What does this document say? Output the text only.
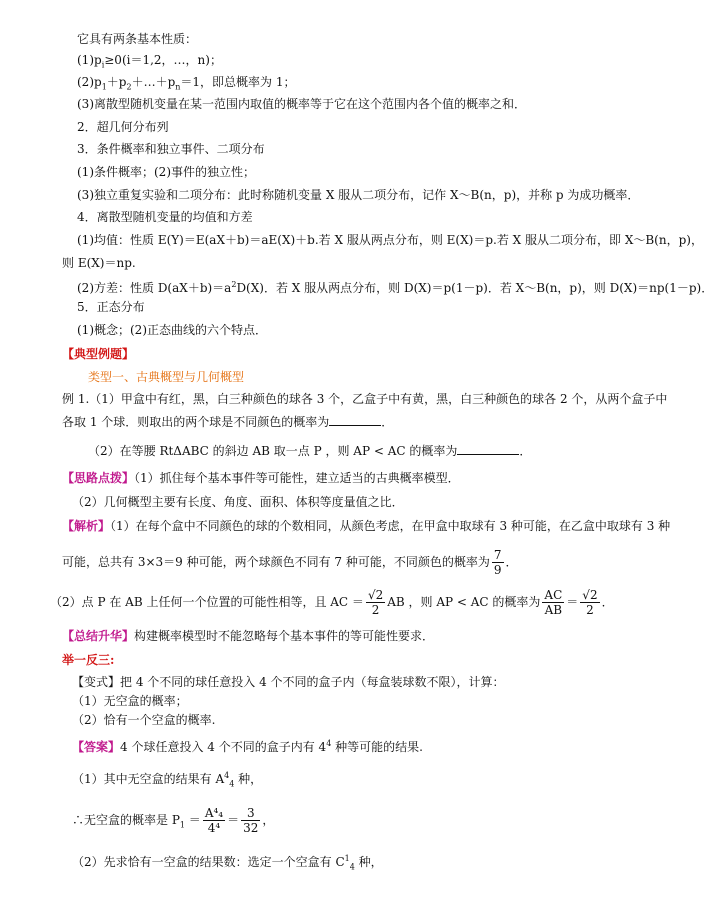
它具有两条基本性质：
$(1)p_i\ge 0(i=1,2$，…，n)；
$(2)p_1+p_2+\dots+p_n=1$，即总概率为 1；
(3)离散型随机变量在某一范围内取值的概率等于它在这个范围内各个值的概率之和．
2．超几何分布列
3．条件概率和独立事件、二项分布
(1)条件概率；(2)事件的独立性；
(3)独立重复实验和二项分布：此时称随机变量 X 服从二项分布，记作 X～B(n，p)，并称 p 为成功概率．
4．离散型随机变量的均值和方差
(1)均值：性质 E(Y)＝E(aX＋b)＝aE(X)＋b.若 X 服从两点分布，则 E(X)＝p.若 X 服从二项分布，即 X～B(n，p)，
则 E(X)＝np.
(2)方差：性质 $D(aX+b)=a^2D(X)$．若 X 服从两点分布，则 D(X)＝p(1－p)．若 X～B(n，p)，则 D(X)＝np(1－p)．
5．正态分布
(1)概念；(2)正态曲线的六个特点．
【典型例题】
类型一、古典概型与几何概型
例 1.（1）甲盒中有红，黑，白三种颜色的球各 3 个，乙盒子中有黄，黑，白三种颜色的球各 2 个，从两个盒子中
各取 1 个球．则取出的两个球是不同颜色的概率为	．
（2）在等腰 RtΔABC 的斜边 AB 取一点 P ，则 AP < AC 的概率为	．
【思路点拨】（1）抓住每个基本事件等可能性，建立适当的古典概率模型．
（2）几何概型主要有长度、角度、面积、体积等度量值之比．
【解析】（1）在每个盒中不同颜色的球的个数相同，从颜色考虑，在甲盒中取球有 3 种可能，在乙盒中取球有 3 种
可能，总共有 3×3＝9 种可能，两个球颜色不同有 7 种可能，不同颜色的概率为 $\frac{7}{9}$ ．
（2）点 P 在 AB 上任何一个位置的可能性相等，且 AC ＝ $\frac{√2}{2}$ AB ，则 AP < AC 的概率为 $\frac{AC}{AB} = \frac{√2}{2}$ ．
【总结升华】构建概率模型时不能忽略每个基本事件的等可能性要求．
举一反三:
【变式】把 4 个不同的球任意投入 4 个不同的盒子内（每盒装球数不限），计算：
（1）无空盒的概率；
（2）恰有一个空盒的概率.
【答案】4 个球任意投入 4 个不同的盒子内有 $4^4$ 种等可能的结果.
（1）其中无空盒的结果有 $A^4_4$ 种，
∴无空盒的概率是 $P_1 = \frac{\text{A⁴₄}}{\text{4⁴}} = \frac{3}{32}$ ，
（2）先求恰有一空盒的结果数：选定一个空盒有 $C^1_4$ 种，
